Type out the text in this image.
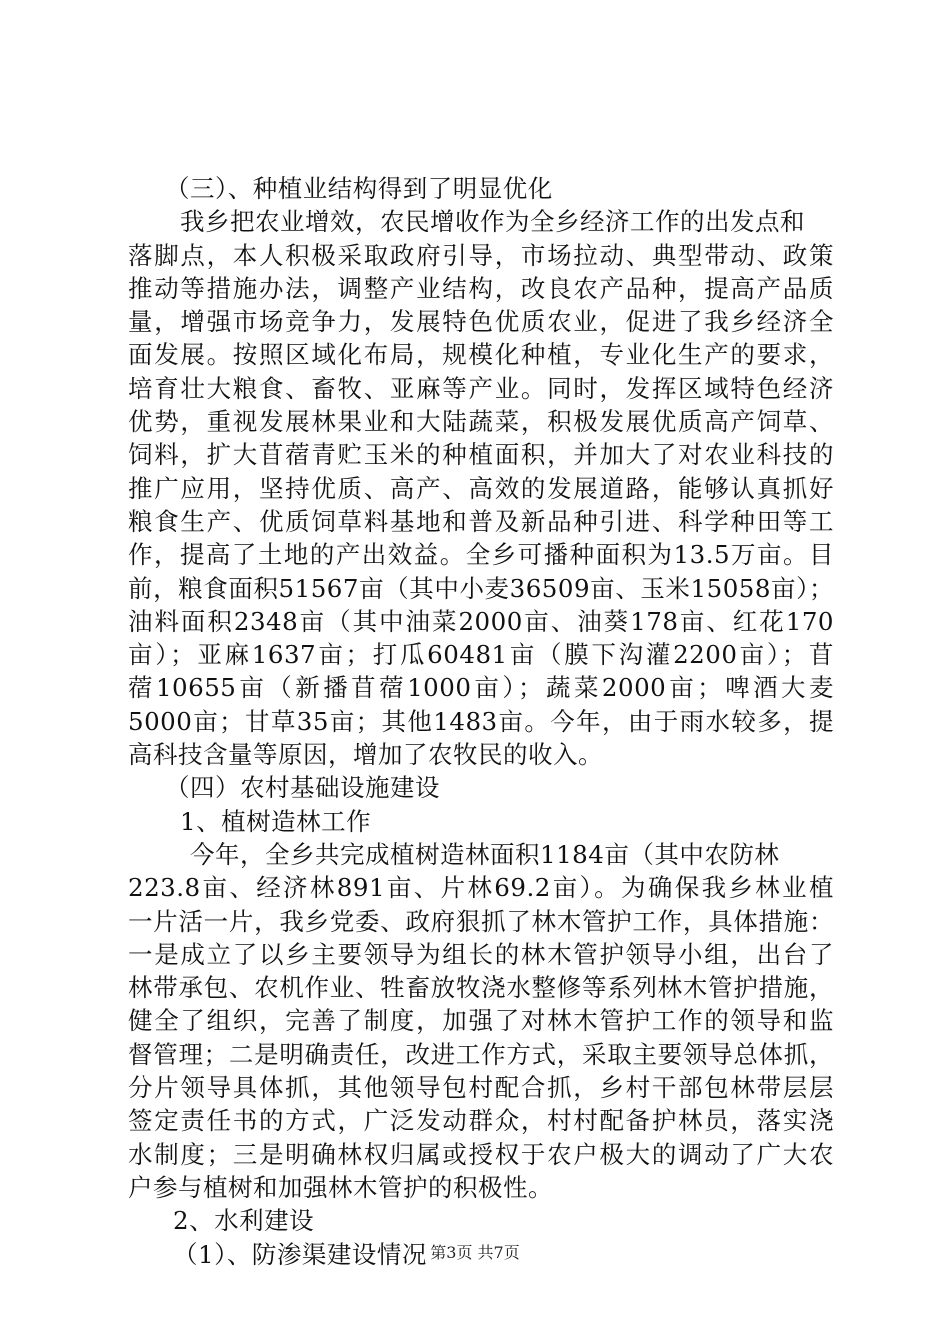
（三）、种植业结构得到了明显优化
我乡把农业增效，农民增收作为全乡经济工作的出发点和
落脚点，本人积极采取政府引导，市场拉动、典型带动、政策
推动等措施办法，调整产业结构，改良农产品种，提高产品质
量，增强市场竞争力，发展特色优质农业，促进了我乡经济全
面发展。按照区域化布局，规模化种植，专业化生产的要求，
培育壮大粮食、畜牧、亚麻等产业。同时，发挥区域特色经济
优势，重视发展林果业和大陆蔬菜，积极发展优质高产饲草、
饲料，扩大苜蓿青贮玉米的种植面积，并加大了对农业科技的
推广应用，坚持优质、高产、高效的发展道路，能够认真抓好
粮食生产、优质饲草料基地和普及新品种引进、科学种田等工
作，提高了土地的产出效益。全乡可播种面积为13.5万亩。目
前，粮食面积51567亩（其中小麦36509亩、玉米15058亩）；
油料面积2348亩（其中油菜2000亩、油葵178亩、红花170
亩）；亚麻1637亩；打瓜60481亩（膜下沟灌2200亩）；苜
蓿10655亩（新播苜蓿1000亩）；蔬菜2000亩；啤酒大麦
5000亩；甘草35亩；其他1483亩。今年，由于雨水较多，提
高科技含量等原因，增加了农牧民的收入。
（四）农村基础设施建设
1、植树造林工作
今年，全乡共完成植树造林面积1184亩（其中农防林
223.8亩、经济林891亩、片林69.2亩）。为确保我乡林业植
一片活一片，我乡党委、政府狠抓了林木管护工作，具体措施：
一是成立了以乡主要领导为组长的林木管护领导小组，出台了
林带承包、农机作业、牲畜放牧浇水整修等系列林木管护措施，
健全了组织，完善了制度，加强了对林木管护工作的领导和监
督管理；二是明确责任，改进工作方式，采取主要领导总体抓，
分片领导具体抓，其他领导包村配合抓，乡村干部包林带层层
签定责任书的方式，广泛发动群众，村村配备护林员，落实浇
水制度；三是明确林权归属或授权于农户极大的调动了广大农
户参与植树和加强林木管护的积极性。
2、水利建设
（1）、防渗渠建设情况 第3页 共7页
